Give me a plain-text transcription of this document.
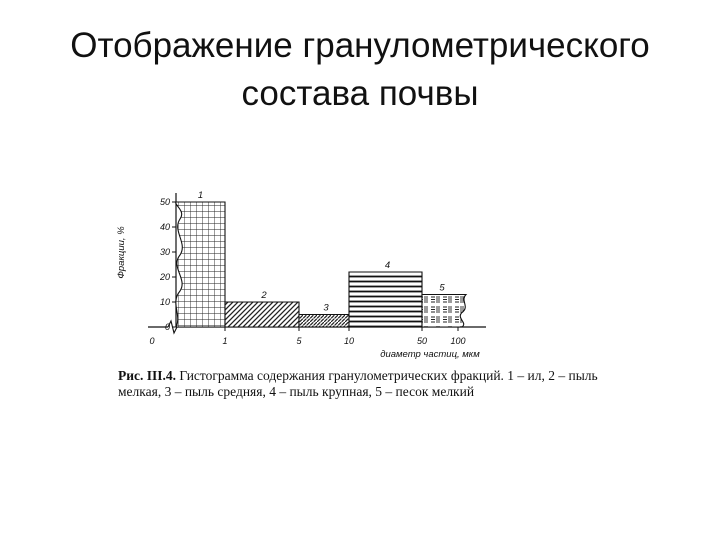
Отображение гранулометрического
состава почвы
0
10
20
30
40
50
Фракции, %
0	1	5	10	50	100
диаметр частиц, мкм
1
2
3
4
5
Рис. III.4. Гистограмма содержания гранулометрических фракций. 1 – ил, 2 – пыль мелкая, 3 – пыль средняя, 4 – пыль крупная, 5 – песок мелкий
